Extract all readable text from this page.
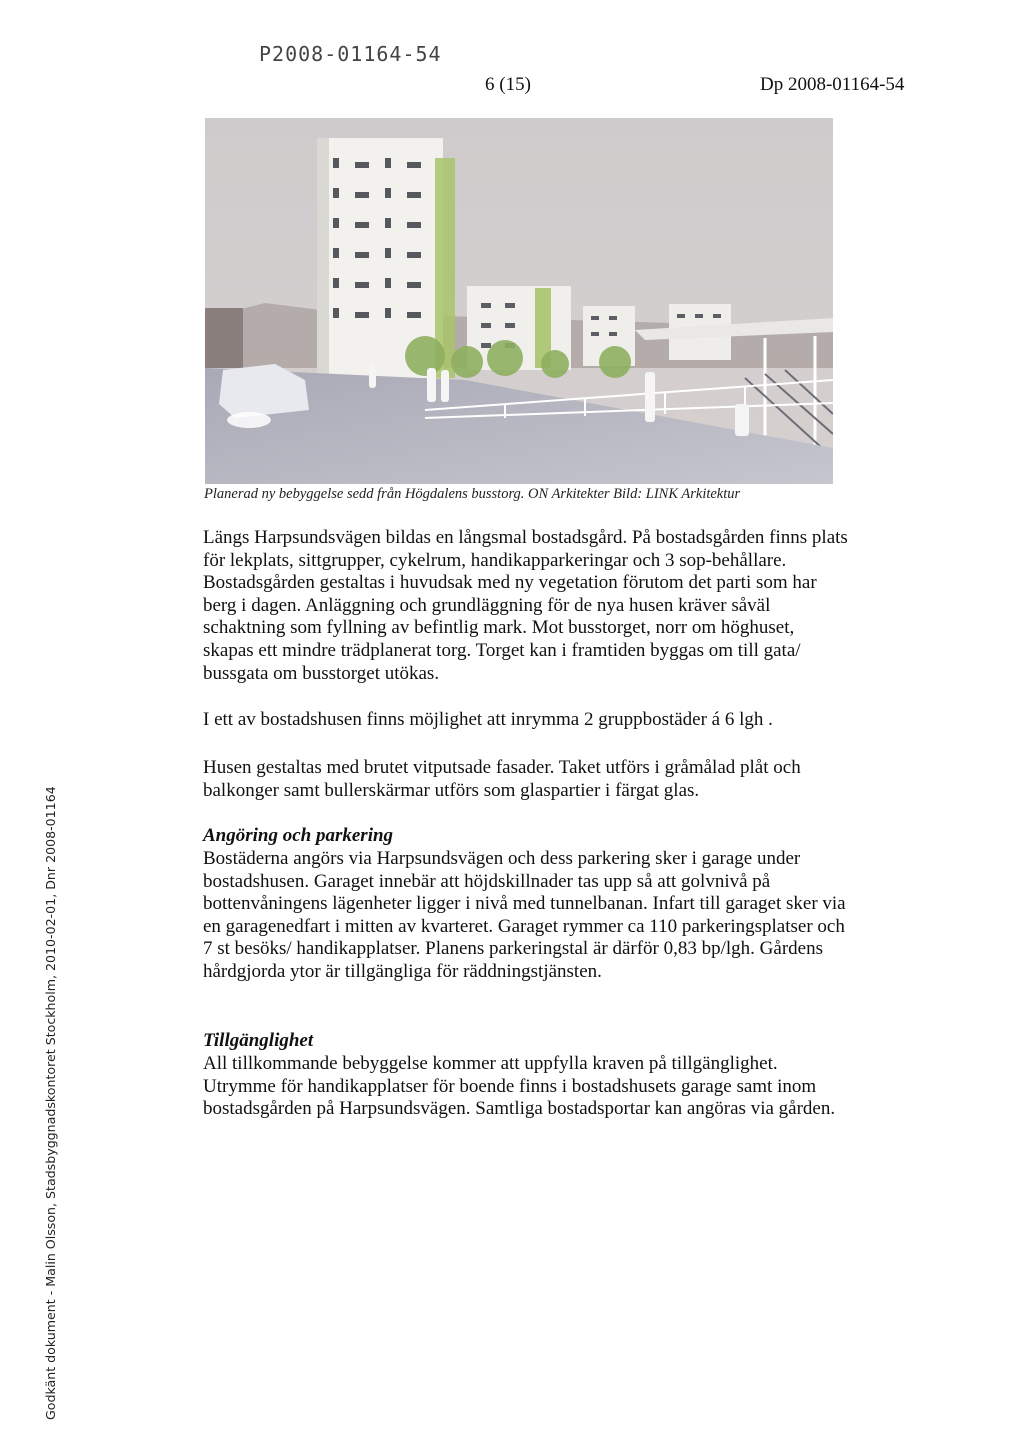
P2008-01164-54
6 (15)	Dp 2008-01164-54
Planerad ny bebyggelse sedd från Högdalens busstorg. ON Arkitekter Bild: LINK Arkitektur

Längs Harpsundsvägen bildas en långsmal bostadsgård. På bostadsgården finns plats för lekplats, sittgrupper, cykelrum, handikapparkeringar och 3 sop-behållare. Bostadsgården gestaltas i huvudsak med ny vegetation förutom det parti som har berg i dagen. Anläggning och grundläggning för de nya husen kräver såväl schaktning som fyllning av befintlig mark. Mot busstorget, norr om höghuset, skapas ett mindre trädplanerat torg. Torget kan i framtiden byggas om till gata/ bussgata om busstorget utökas.

I ett av bostadshusen finns möjlighet att inrymma 2 gruppbostäder á 6 lgh .

Husen gestaltas med brutet vitputsade fasader. Taket utförs i gråmålad plåt och balkonger samt bullerskärmar utförs som glaspartier i färgat glas.

Angöring och parkering

Bostäderna angörs via Harpsundsvägen och dess parkering sker i garage under bostadshusen. Garaget innebär att höjdskillnader tas upp så att golvnivå på bottenvåningens lägenheter ligger i nivå med tunnelbanan. Infart till garaget sker via en garagenedfart i mitten av kvarteret. Garaget rymmer ca 110 parkeringsplatser och 7 st besöks/ handikapplatser. Planens parkeringstal är därför 0,83 bp/lgh. Gårdens hårdgjorda ytor är tillgängliga för räddningstjänsten.

Tillgänglighet

All tillkommande bebyggelse kommer att uppfylla kraven på tillgänglighet. Utrymme för handikapplatser för boende finns i bostadshusets garage samt inom bostadsgården på Harpsundsvägen. Samtliga bostadsportar kan angöras via gården.

Godkänt dokument - Malin Olsson, Stadsbyggnadskontoret Stockholm, 2010-02-01, Dnr 2008-01164
